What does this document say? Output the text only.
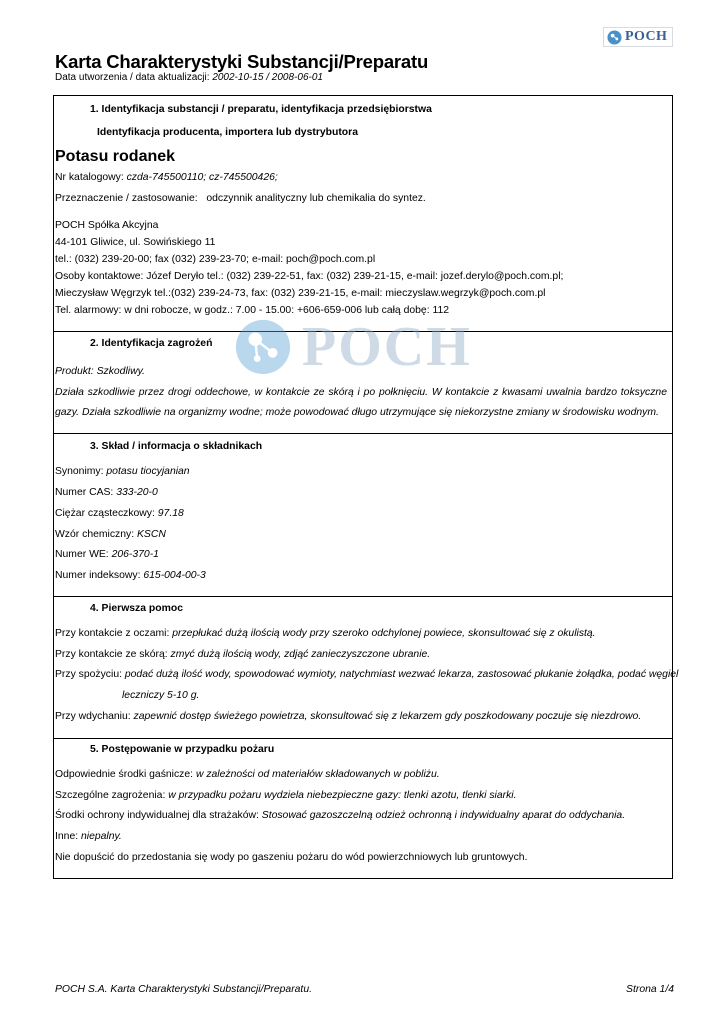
POCH
Karta Charakterystyki Substancji/Preparatu
Data utworzenia / data aktualizacji: 2002-10-15 / 2008-06-01
POCH
1. Identyfikacja substancji / preparatu, identyfikacja przedsiębiorstwa
Identyfikacja producenta, importera lub dystrybutora
Potasu rodanek
Nr katalogowy: czda-745500110; cz-745500426;
Przeznaczenie / zastosowanie: odczynnik analityczny lub chemikalia do syntez.
POCH Spółka Akcyjna
44-101 Gliwice, ul. Sowińskiego 11
tel.: (032) 239-20-00; fax (032) 239-23-70; e-mail: poch@poch.com.pl
Osoby kontaktowe: Józef Deryło tel.: (032) 239-22-51, fax: (032) 239-21-15, e-mail: jozef.derylo@poch.com.pl;
Mieczysław Węgrzyk tel.:(032) 239-24-73, fax: (032) 239-21-15, e-mail: mieczyslaw.wegrzyk@poch.com.pl
Tel. alarmowy: w dni robocze, w godz.: 7.00 - 15.00: +606-659-006 lub całą dobę: 112
2. Identyfikacja zagrożeń
Produkt: Szkodliwy.
Działa szkodliwie przez drogi oddechowe, w kontakcie ze skórą i po połknięciu. W kontakcie z kwasami uwalnia bardzo toksyczne
gazy. Działa szkodliwie na organizmy wodne; może powodować długo utrzymujące się niekorzystne zmiany w środowisku wodnym.
3. Skład / informacja o składnikach
Synonimy: potasu tiocyjanian
Numer CAS: 333-20-0
Ciężar cząsteczkowy: 97.18
Wzór chemiczny: KSCN
Numer WE: 206-370-1
Numer indeksowy: 615-004-00-3
4. Pierwsza pomoc
Przy kontakcie z oczami: przepłukać dużą ilością wody przy szeroko odchylonej powiece, skonsultować się z okulistą.
Przy kontakcie ze skórą: zmyć dużą ilością wody, zdjąć zanieczyszczone ubranie.
Przy spożyciu: podać dużą ilość wody, spowodować wymioty, natychmiast wezwać lekarza, zastosować płukanie żołądka, podać węgiel
leczniczy 5-10 g.
Przy wdychaniu: zapewnić dostęp świeżego powietrza, skonsultować się z lekarzem gdy poszkodowany poczuje się niezdrowo.
5. Postępowanie w przypadku pożaru
Odpowiednie środki gaśnicze: w zależności od materiałów składowanych w pobliżu.
Szczególne zagrożenia: w przypadku pożaru wydziela niebezpieczne gazy: tlenki azotu, tlenki siarki.
Środki ochrony indywidualnej dla strażaków: Stosować gazoszczelną odzież ochronną i indywidualny aparat do oddychania.
Inne: niepalny.
Nie dopuścić do przedostania się wody po gaszeniu pożaru do wód powierzchniowych lub gruntowych.
POCH S.A. Karta Charakterystyki Substancji/Preparatu.	Strona 1/4
